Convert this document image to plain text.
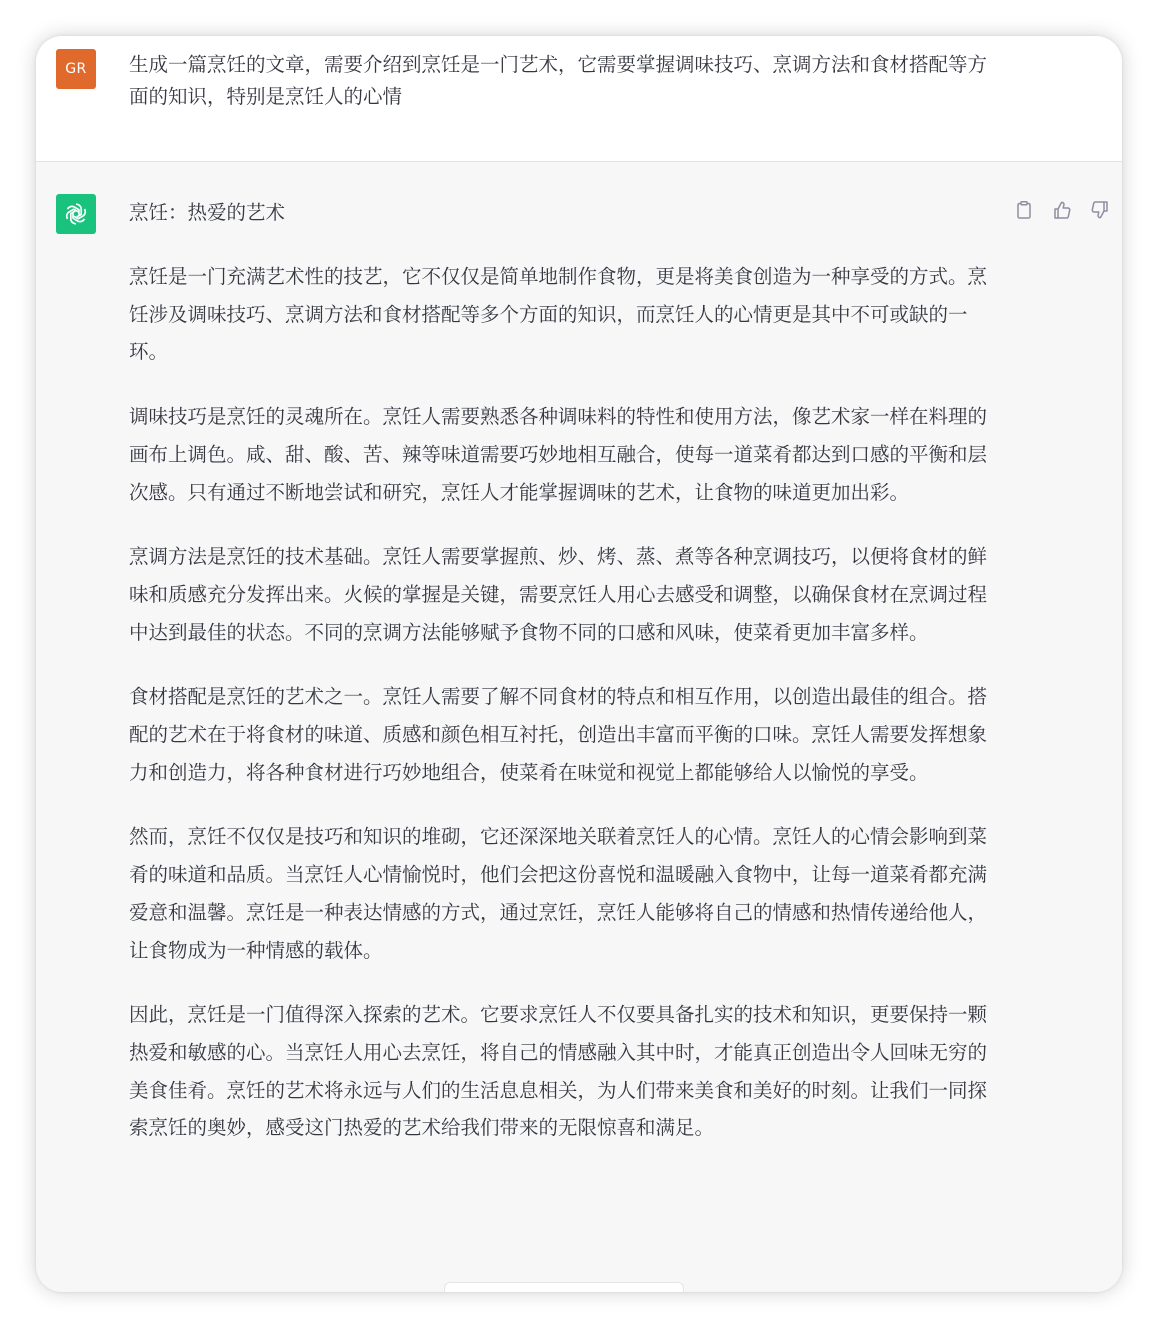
GR	生成一篇烹饪的文章，需要介绍到烹饪是一门艺术，它需要掌握调味技巧、烹调方法和食材搭配等方面的知识，特别是烹饪人的心情
烹饪：热爱的艺术

烹饪是一门充满艺术性的技艺，它不仅仅是简单地制作食物，更是将美食创造为一种享受的方式。烹饪涉及调味技巧、烹调方法和食材搭配等多个方面的知识，而烹饪人的心情更是其中不可或缺的一环。

调味技巧是烹饪的灵魂所在。烹饪人需要熟悉各种调味料的特性和使用方法，像艺术家一样在料理的画布上调色。咸、甜、酸、苦、辣等味道需要巧妙地相互融合，使每一道菜肴都达到口感的平衡和层次感。只有通过不断地尝试和研究，烹饪人才能掌握调味的艺术，让食物的味道更加出彩。

烹调方法是烹饪的技术基础。烹饪人需要掌握煎、炒、烤、蒸、煮等各种烹调技巧，以便将食材的鲜味和质感充分发挥出来。火候的掌握是关键，需要烹饪人用心去感受和调整，以确保食材在烹调过程中达到最佳的状态。不同的烹调方法能够赋予食物不同的口感和风味，使菜肴更加丰富多样。

食材搭配是烹饪的艺术之一。烹饪人需要了解不同食材的特点和相互作用，以创造出最佳的组合。搭配的艺术在于将食材的味道、质感和颜色相互衬托，创造出丰富而平衡的口味。烹饪人需要发挥想象力和创造力，将各种食材进行巧妙地组合，使菜肴在味觉和视觉上都能够给人以愉悦的享受。

然而，烹饪不仅仅是技巧和知识的堆砌，它还深深地关联着烹饪人的心情。烹饪人的心情会影响到菜肴的味道和品质。当烹饪人心情愉悦时，他们会把这份喜悦和温暖融入食物中，让每一道菜肴都充满爱意和温馨。烹饪是一种表达情感的方式，通过烹饪，烹饪人能够将自己的情感和热情传递给他人，让食物成为一种情感的载体。

因此，烹饪是一门值得深入探索的艺术。它要求烹饪人不仅要具备扎实的技术和知识，更要保持一颗热爱和敏感的心。当烹饪人用心去烹饪，将自己的情感融入其中时，才能真正创造出令人回味无穷的美食佳肴。烹饪的艺术将永远与人们的生活息息相关，为人们带来美食和美好的时刻。让我们一同探索烹饪的奥妙，感受这门热爱的艺术给我们带来的无限惊喜和满足。
